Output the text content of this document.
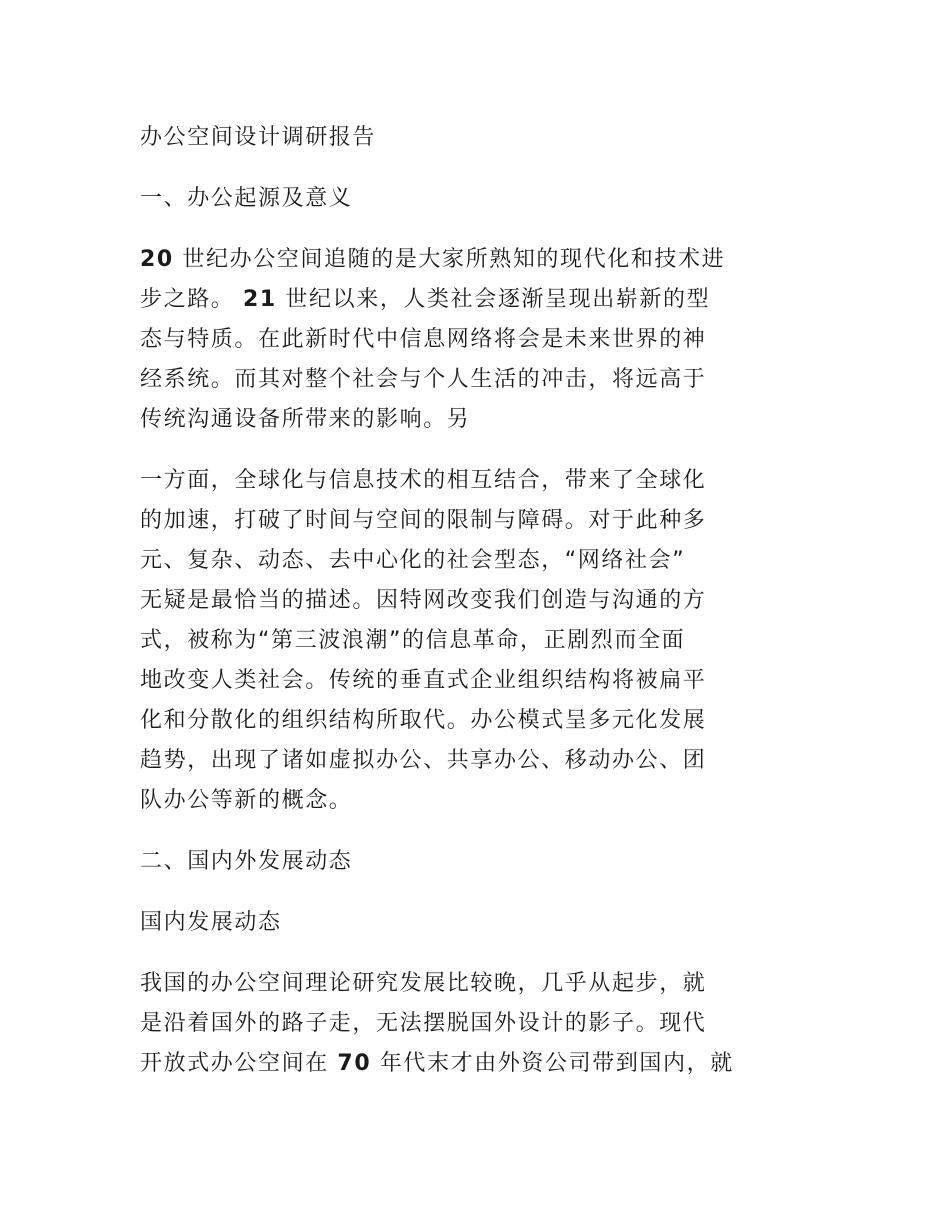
办公空间设计调研报告
一、办公起源及意义
20 世纪办公空间追随的是大家所熟知的现代化和技术进
步之路。 21 世纪以来，人类社会逐渐呈现出崭新的型
态与特质。在此新时代中信息网络将会是未来世界的神
经系统。而其对整个社会与个人生活的冲击，将远高于
传统沟通设备所带来的影响。另
一方面，全球化与信息技术的相互结合，带来了全球化
的加速，打破了时间与空间的限制与障碍。对于此种多
元、复杂、动态、去中心化的社会型态，“网络社会”
无疑是最恰当的描述。因特网改变我们创造与沟通的方
式，被称为“第三波浪潮”的信息革命，正剧烈而全面
地改变人类社会。传统的垂直式企业组织结构将被扁平
化和分散化的组织结构所取代。办公模式呈多元化发展
趋势，出现了诸如虚拟办公、共享办公、移动办公、团
队办公等新的概念。
二、国内外发展动态
国内发展动态
我国的办公空间理论研究发展比较晚，几乎从起步，就
是沿着国外的路子走，无法摆脱国外设计的影子。现代
开放式办公空间在 70 年代末才由外资公司带到国内，就
